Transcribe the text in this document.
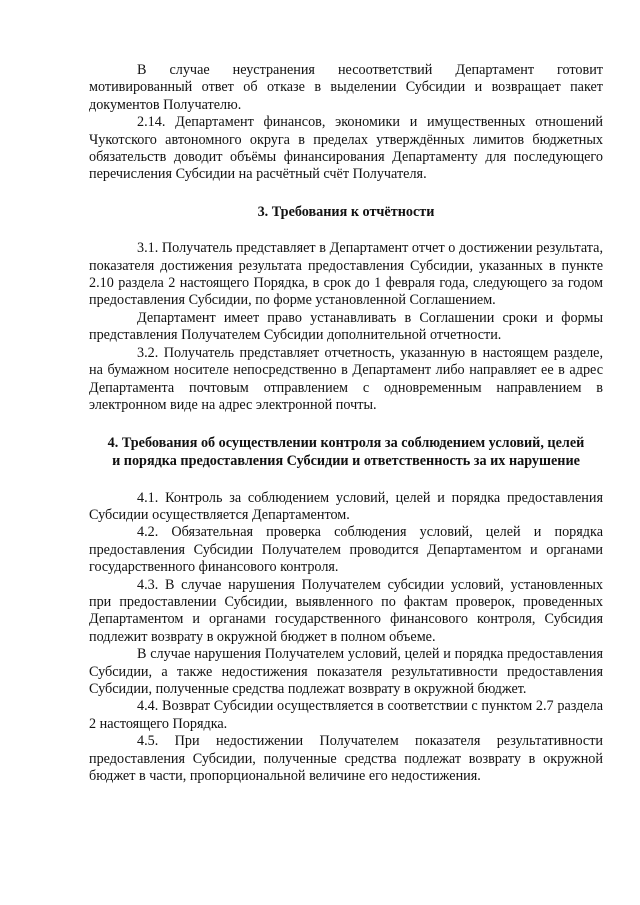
В случае неустранения несоответствий Департамент готовит мотивированный ответ об отказе в выделении Субсидии и возвращает пакет документов Получателю.

2.14. Департамент финансов, экономики и имущественных отношений Чукотского автономного округа в пределах утверждённых лимитов бюджетных обязательств доводит объёмы финансирования Департаменту для последующего перечисления Субсидии на расчётный счёт Получателя.

3. Требования к отчётности

3.1. Получатель представляет в Департамент отчет о достижении результата, показателя достижения результата предоставления Субсидии, указанных в пункте 2.10 раздела 2 настоящего Порядка, в срок до 1 февраля года, следующего за годом предоставления Субсидии, по форме установленной Соглашением.

Департамент имеет право устанавливать в Соглашении сроки и формы представления Получателем Субсидии дополнительной отчетности.

3.2. Получатель представляет отчетность, указанную в настоящем разделе, на бумажном носителе непосредственно в Департамент либо направляет ее в адрес Департамента почтовым отправлением с одновременным направлением в электронном виде на адрес электронной почты.

4. Требования об осуществлении контроля за соблюдением условий, целей
и порядка предоставления Субсидии и ответственность за их нарушение

4.1. Контроль за соблюдением условий, целей и порядка предоставления Субсидии осуществляется Департаментом.

4.2. Обязательная проверка соблюдения условий, целей и порядка предоставления Субсидии Получателем проводится Департаментом и органами государственного финансового контроля.

4.3. В случае нарушения Получателем субсидии условий, установленных при предоставлении Субсидии, выявленного по фактам проверок, проведенных Департаментом и органами государственного финансового контроля, Субсидия подлежит возврату в окружной бюджет в полном объеме.

В случае нарушения Получателем условий, целей и порядка предоставления Субсидии, а также недостижения показателя результативности предоставления Субсидии, полученные средства подлежат возврату в окружной бюджет.

4.4. Возврат Субсидии осуществляется в соответствии с пунктом 2.7 раздела 2 настоящего Порядка.

4.5. При недостижении Получателем показателя результативности предоставления Субсидии, полученные средства подлежат возврату в окружной бюджет в части, пропорциональной величине его недостижения.
